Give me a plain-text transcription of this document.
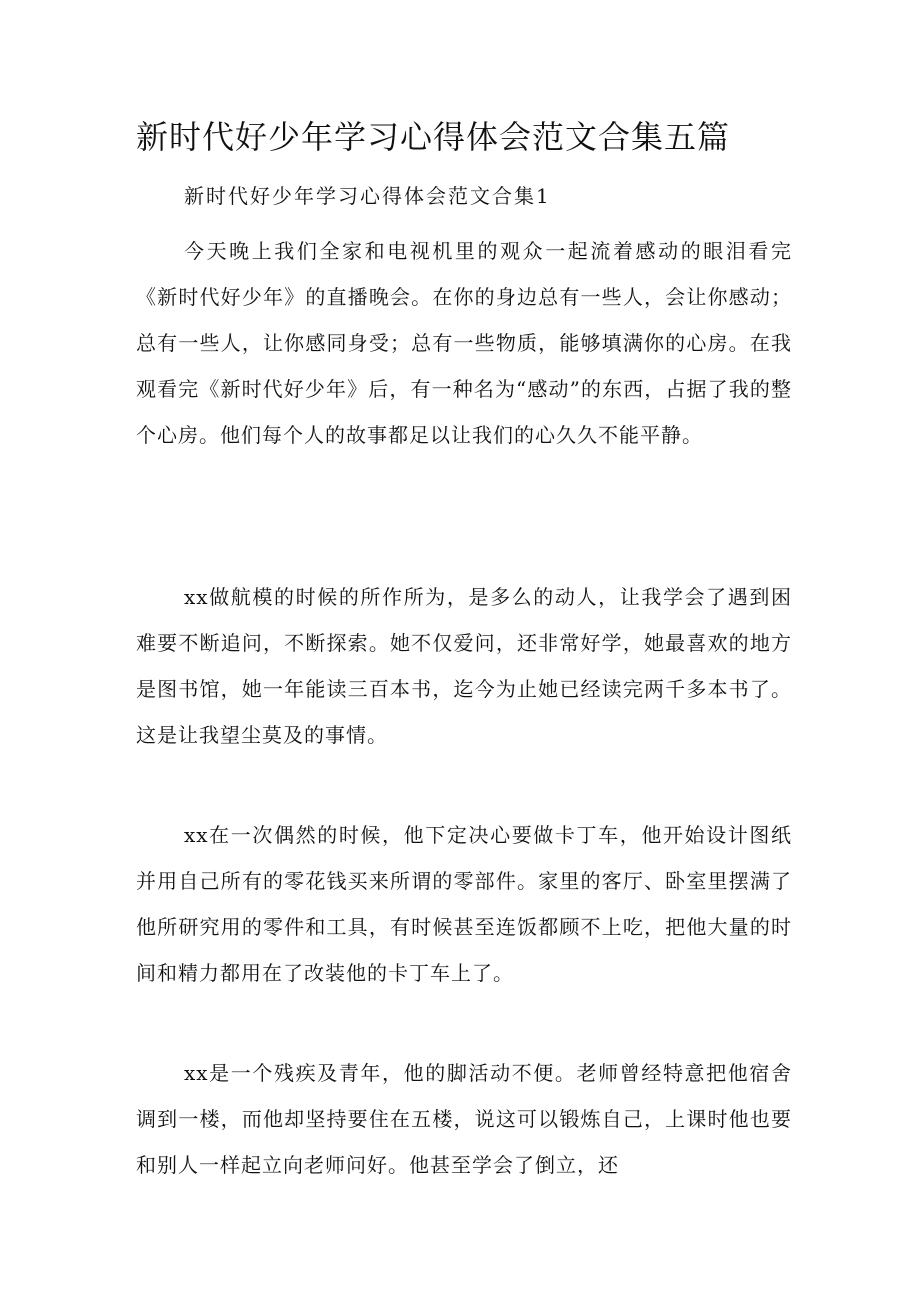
新时代好少年学习心得体会范文合集五篇

新时代好少年学习心得体会范文合集1

今天晚上我们全家和电视机里的观众一起流着感动的眼泪看完《新时代好少年》的直播晚会。在你的身边总有一些人，会让你感动；总有一些人，让你感同身受；总有一些物质，能够填满你的心房。在我观看完《新时代好少年》后，有一种名为“感动”的东西，占据了我的整个心房。他们每个人的故事都足以让我们的心久久不能平静。

xx做航模的时候的所作所为，是多么的动人，让我学会了遇到困难要不断追问，不断探索。她不仅爱问，还非常好学，她最喜欢的地方是图书馆，她一年能读三百本书，迄今为止她已经读完两千多本书了。这是让我望尘莫及的事情。

xx在一次偶然的时候，他下定决心要做卡丁车，他开始设计图纸并用自己所有的零花钱买来所谓的零部件。家里的客厅、卧室里摆满了他所研究用的零件和工具，有时候甚至连饭都顾不上吃，把他大量的时间和精力都用在了改装他的卡丁车上了。

xx是一个残疾及青年，他的脚活动不便。老师曾经特意把他宿舍调到一楼，而他却坚持要住在五楼，说这可以锻炼自己，上课时他也要和别人一样起立向老师问好。他甚至学会了倒立，还
